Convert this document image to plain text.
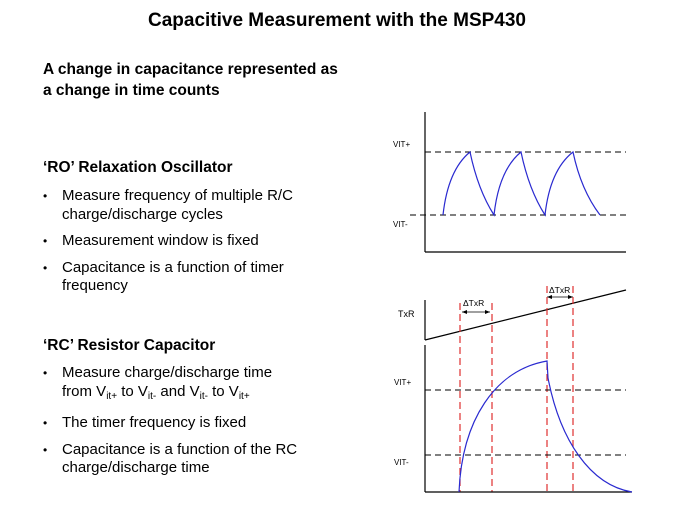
Capacitive Measurement with the MSP430
A change in capacitance represented as a change in time counts
‘RO’ Relaxation Oscillator
• Measure frequency of multiple R/C charge/discharge cycles
• Measurement window is fixed
• Capacitance is a function of timer frequency
‘RC’ Resistor Capacitor
• Measure charge/discharge time
from $V_{it+}$ to $V_{it-}$ and $V_{it-}$ to $V_{it+}$
• The timer frequency is fixed
• Capacitance is a function of the RC charge/discharge time
VIT+
VIT-
TxR
ΔTxR
ΔTxR
VIT+
VIT-
